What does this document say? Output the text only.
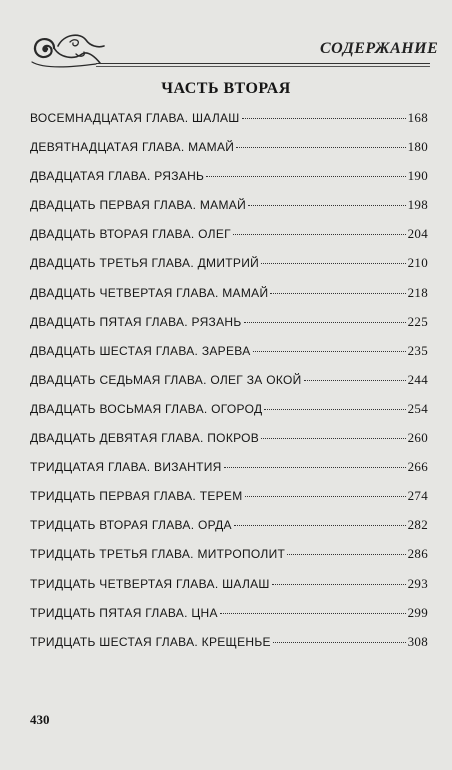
СОДЕРЖАНИЕ
ЧАСТЬ ВТОРАЯ
ВОСЕМНАДЦАТАЯ ГЛАВА. ШАЛАШ	168
ДЕВЯТНАДЦАТАЯ ГЛАВА. МАМАЙ	180
ДВАДЦАТАЯ ГЛАВА. РЯЗАНЬ	190
ДВАДЦАТЬ ПЕРВАЯ ГЛАВА. МАМАЙ	198
ДВАДЦАТЬ ВТОРАЯ ГЛАВА. ОЛЕГ	204
ДВАДЦАТЬ ТРЕТЬЯ ГЛАВА. ДМИТРИЙ	210
ДВАДЦАТЬ ЧЕТВЕРТАЯ ГЛАВА. МАМАЙ	218
ДВАДЦАТЬ ПЯТАЯ ГЛАВА. РЯЗАНЬ	225
ДВАДЦАТЬ ШЕСТАЯ ГЛАВА. ЗАРЕВА	235
ДВАДЦАТЬ СЕДЬМАЯ ГЛАВА. ОЛЕГ ЗА ОКОЙ	244
ДВАДЦАТЬ ВОСЬМАЯ ГЛАВА. ОГОРОД	254
ДВАДЦАТЬ ДЕВЯТАЯ ГЛАВА. ПОКРОВ	260
ТРИДЦАТАЯ ГЛАВА. ВИЗАНТИЯ	266
ТРИДЦАТЬ ПЕРВАЯ ГЛАВА. ТЕРЕМ	274
ТРИДЦАТЬ ВТОРАЯ ГЛАВА. ОРДА	282
ТРИДЦАТЬ ТРЕТЬЯ ГЛАВА. МИТРОПОЛИТ	286
ТРИДЦАТЬ ЧЕТВЕРТАЯ ГЛАВА. ШАЛАШ	293
ТРИДЦАТЬ ПЯТАЯ ГЛАВА. ЦНА	299
ТРИДЦАТЬ ШЕСТАЯ ГЛАВА. КРЕЩЕНЬЕ	308
430
